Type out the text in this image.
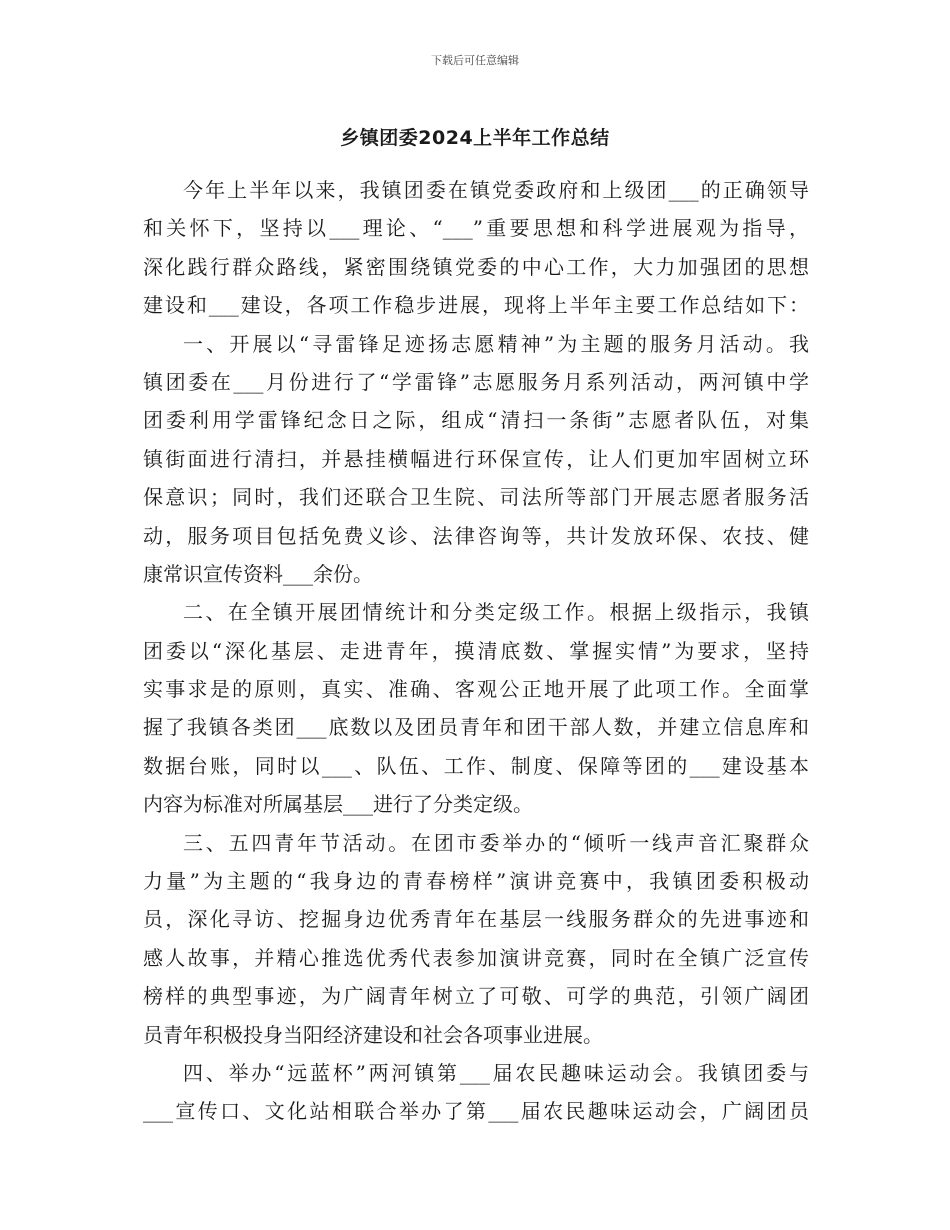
下载后可任意编辑
乡镇团委2024上半年工作总结
今年上半年以来，我镇团委在镇党委政府和上级团___的正确领导
和关怀下，坚持以___理论、“___”重要思想和科学进展观为指导，
深化践行群众路线，紧密围绕镇党委的中心工作，大力加强团的思想
建设和___建设，各项工作稳步进展，现将上半年主要工作总结如下：
一、开展以“寻雷锋足迹扬志愿精神”为主题的服务月活动。我
镇团委在___月份进行了“学雷锋”志愿服务月系列活动，两河镇中学
团委利用学雷锋纪念日之际，组成“清扫一条街”志愿者队伍，对集
镇街面进行清扫，并悬挂横幅进行环保宣传，让人们更加牢固树立环
保意识；同时，我们还联合卫生院、司法所等部门开展志愿者服务活
动，服务项目包括免费义诊、法律咨询等，共计发放环保、农技、健
康常识宣传资料___余份。
二、在全镇开展团情统计和分类定级工作。根据上级指示，我镇
团委以“深化基层、走进青年，摸清底数、掌握实情”为要求，坚持
实事求是的原则，真实、准确、客观公正地开展了此项工作。全面掌
握了我镇各类团___底数以及团员青年和团干部人数，并建立信息库和
数据台账，同时以___、队伍、工作、制度、保障等团的___建设基本
内容为标准对所属基层___进行了分类定级。
三、五四青年节活动。在团市委举办的“倾听一线声音汇聚群众
力量”为主题的“我身边的青春榜样”演讲竞赛中，我镇团委积极动
员，深化寻访、挖掘身边优秀青年在基层一线服务群众的先进事迹和
感人故事，并精心推选优秀代表参加演讲竞赛，同时在全镇广泛宣传
榜样的典型事迹，为广阔青年树立了可敬、可学的典范，引领广阔团
员青年积极投身当阳经济建设和社会各项事业进展。
四、举办“远蓝杯”两河镇第___届农民趣味运动会。我镇团委与
___宣传口、文化站相联合举办了第___届农民趣味运动会，广阔团员
